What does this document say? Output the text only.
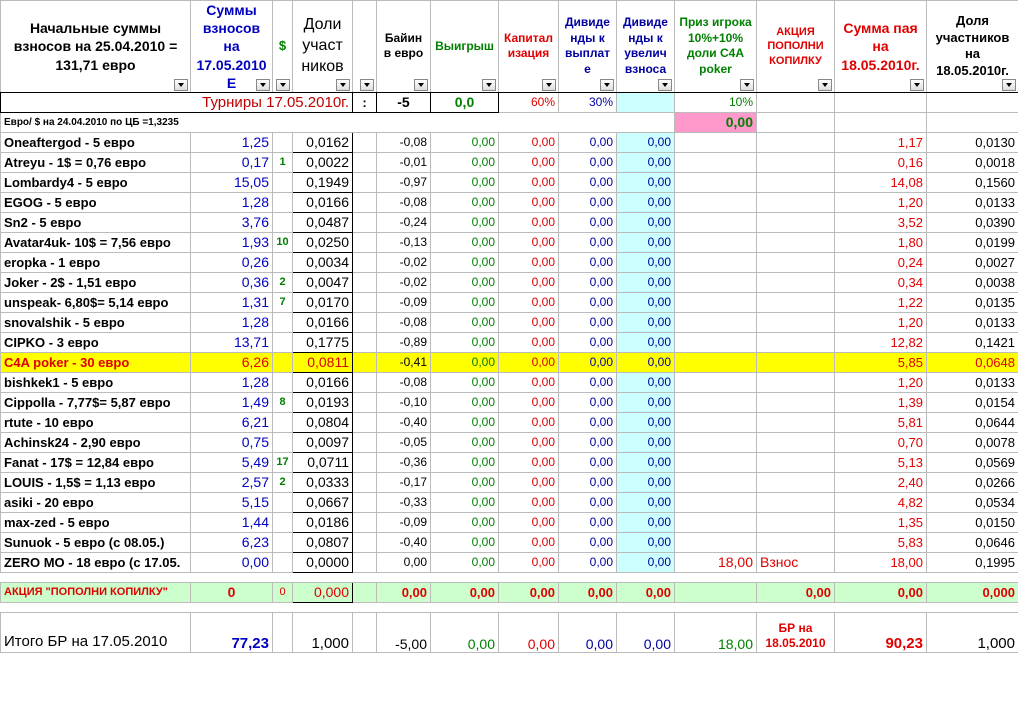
Начальные суммы взносов на 25.04.2010 = 131,71 евро	Суммы взносов на 17.05.2010 Е	$	Доли участ ников		Байин в евро	Выигрыш	Капитал изация	Дивиде нды к выплат е	Дивиде нды к увелич взноса	Приз игрока 10%+10% доли C4A poker	АКЦИЯ ПОПОЛНИ КОПИЛКУ	Сумма пая на 18.05.2010г.	Доля участников на 18.05.2010г.

Турниры 17.05.2010г.				:	-5	0,0	60%	30%		10%			
Евро/ $ на 24.04.2010 по ЦБ =1,3235										0,00			
Oneaftergod - 5 евро	1,25		0,0162		-0,08	0,00	0,00	0,00	0,00			1,17	0,0130
Atreyu - 1$ = 0,76 евро	0,17	1	0,0022		-0,01	0,00	0,00	0,00	0,00			0,16	0,0018
Lombardy4 - 5 евро	15,05		0,1949		-0,97	0,00	0,00	0,00	0,00			14,08	0,1560
EGOG - 5 евро	1,28		0,0166		-0,08	0,00	0,00	0,00	0,00			1,20	0,0133
Sn2 - 5 евро	3,76		0,0487		-0,24	0,00	0,00	0,00	0,00			3,52	0,0390
Avatar4uk- 10$ = 7,56 евро	1,93	10	0,0250		-0,13	0,00	0,00	0,00	0,00			1,80	0,0199
eropka - 1 евро	0,26		0,0034		-0,02	0,00	0,00	0,00	0,00			0,24	0,0027
Joker - 2$ - 1,51 евро	0,36	2	0,0047		-0,02	0,00	0,00	0,00	0,00			0,34	0,0038
unspeak- 6,80$= 5,14 евро	1,31	7	0,0170		-0,09	0,00	0,00	0,00	0,00			1,22	0,0135
snovalshik - 5 евро	1,28		0,0166		-0,08	0,00	0,00	0,00	0,00			1,20	0,0133
CIPKO - 3 евро	13,71		0,1775		-0,89	0,00	0,00	0,00	0,00			12,82	0,1421
C4A poker - 30 евро	6,26		0,0811		-0,41	0,00	0,00	0,00	0,00			5,85	0,0648
bishkek1 - 5 евро	1,28		0,0166		-0,08	0,00	0,00	0,00	0,00			1,20	0,0133
Cippolla - 7,77$= 5,87 евро	1,49	8	0,0193		-0,10	0,00	0,00	0,00	0,00			1,39	0,0154
rtute - 10 евро	6,21		0,0804		-0,40	0,00	0,00	0,00	0,00			5,81	0,0644
Achinsk24 - 2,90 евро	0,75		0,0097		-0,05	0,00	0,00	0,00	0,00			0,70	0,0078
Fanat - 17$ = 12,84 евро	5,49	17	0,0711		-0,36	0,00	0,00	0,00	0,00			5,13	0,0569
LOUIS - 1,5$ = 1,13 евро	2,57	2	0,0333		-0,17	0,00	0,00	0,00	0,00			2,40	0,0266
asiki - 20 евро	5,15		0,0667		-0,33	0,00	0,00	0,00	0,00			4,82	0,0534
max-zed - 5 евро	1,44		0,0186		-0,09	0,00	0,00	0,00	0,00			1,35	0,0150
Sunuok - 5 евро (с 08.05.)	6,23		0,0807		-0,40	0,00	0,00	0,00	0,00			5,83	0,0646
ZERO MO - 18 евро (с 17.05.	0,00		0,0000		0,00	0,00	0,00	0,00	0,00	18,00	Взнос	18,00	0,1995

АКЦИЯ "ПОПОЛНИ КОПИЛКУ"	0	0	0,000		0,00	0,00	0,00	0,00	0,00		0,00	0,00	0,000

Итого БР на 17.05.2010	77,23		1,000		-5,00	0,00	0,00	0,00	0,00	18,00	БР на 18.05.2010	90,23	1,000
